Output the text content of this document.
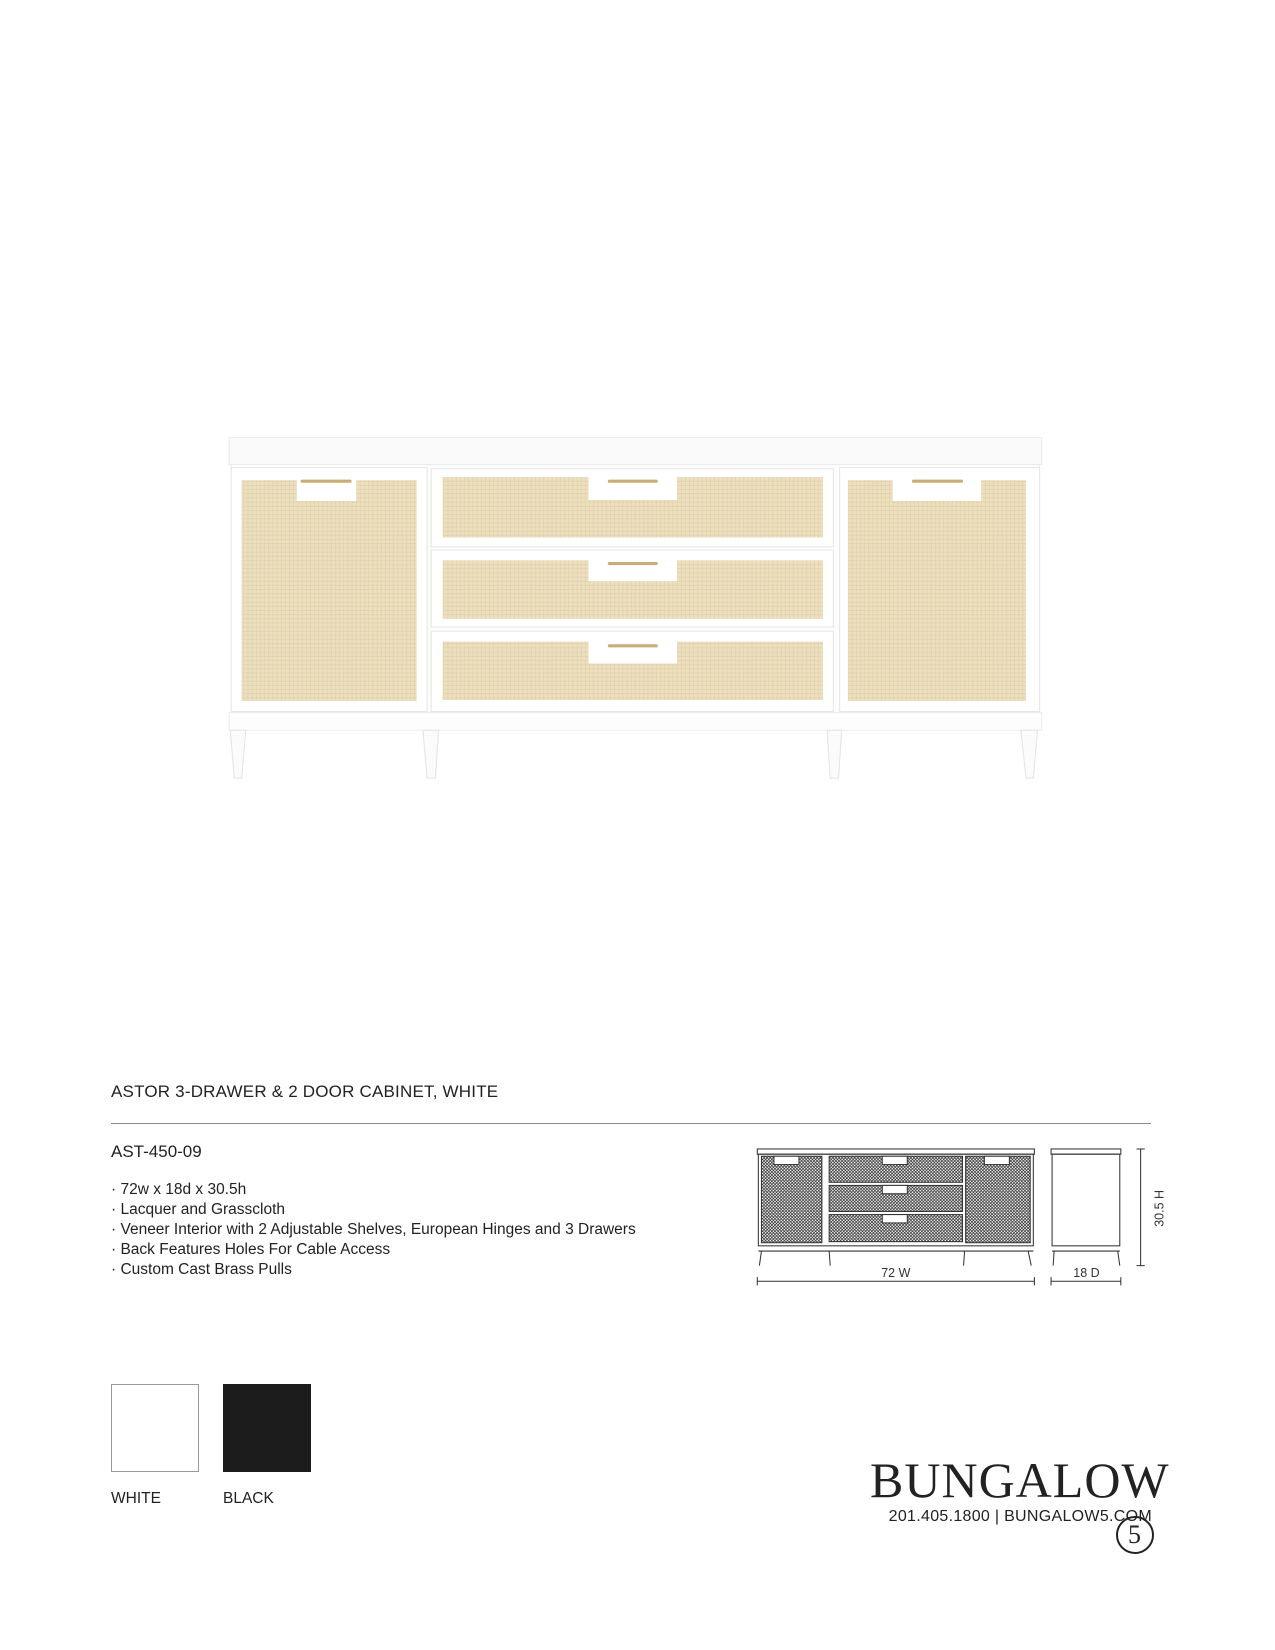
72 W	18 D
30.5 H
ASTOR 3-DRAWER & 2 DOOR CABINET, WHITE
AST-450-09
· 72w x 18d x 30.5h
· Lacquer and Grasscloth
· Veneer Interior with 2 Adjustable Shelves, European Hinges and 3 Drawers
· Back Features Holes For Cable Access
· Custom Cast Brass Pulls
WHITE	BLACK	BUNGALOW5
201.405.1800 | BUNGALOW5.COM
